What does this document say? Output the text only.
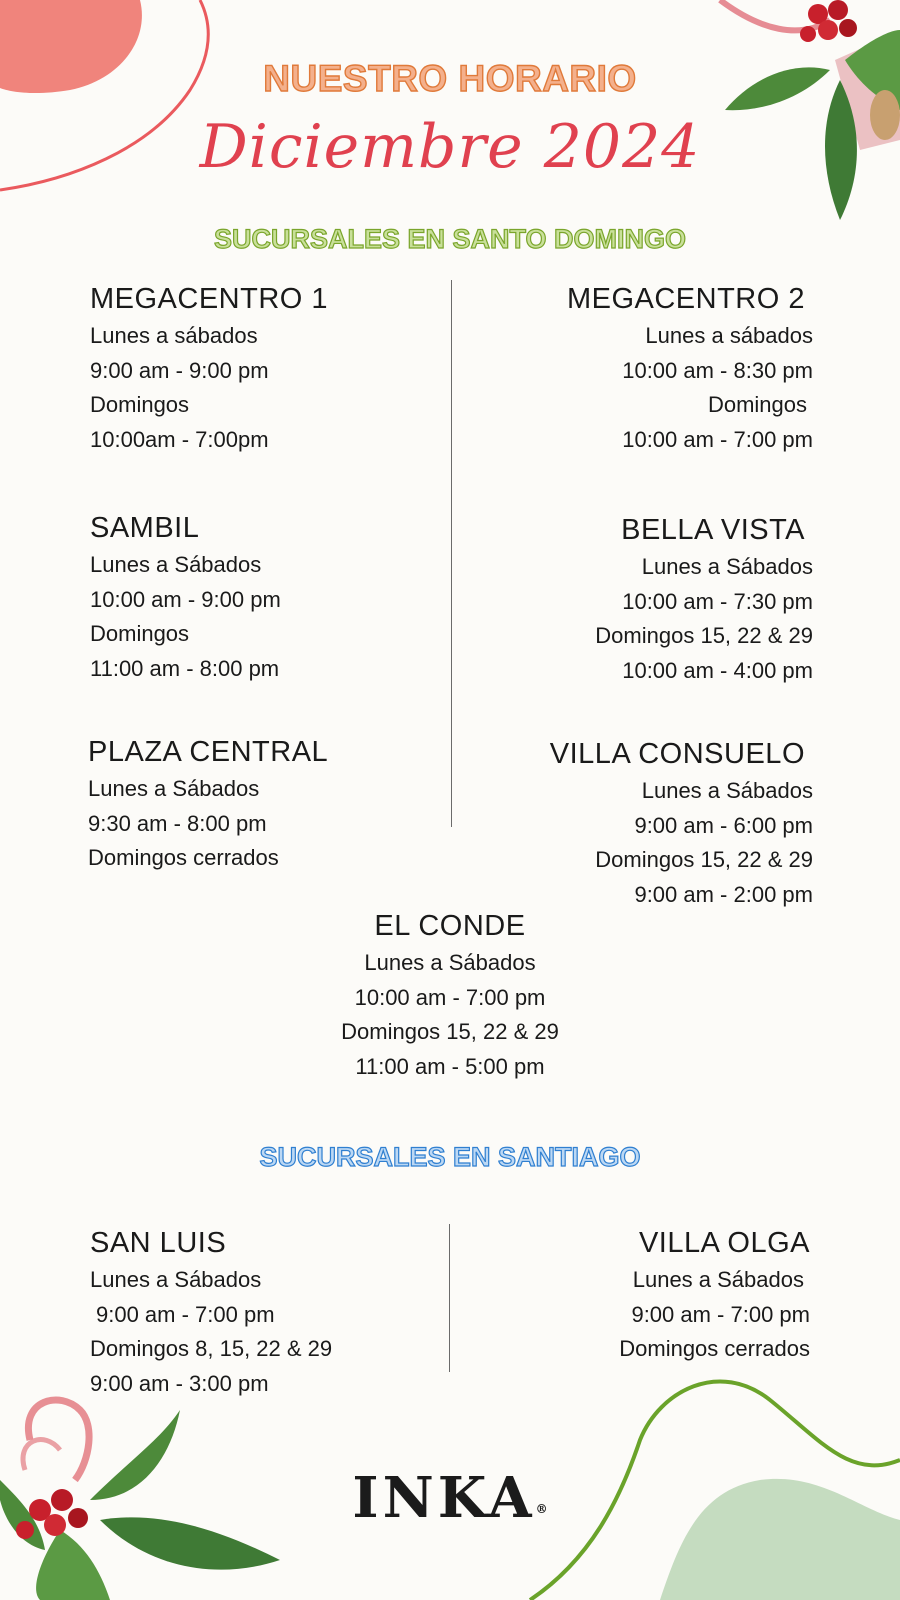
NUESTRO HORARIO
Diciembre 2024
SUCURSALES EN SANTO DOMINGO
MEGACENTRO 1
Lunes a sábados
9:00 am - 9:00 pm
Domingos
10:00am - 7:00pm
MEGACENTRO 2
Lunes a sábados
10:00 am - 8:30 pm
Domingos
10:00 am - 7:00 pm
SAMBIL
Lunes a Sábados
10:00 am - 9:00 pm
Domingos
11:00 am - 8:00 pm
BELLA VISTA
Lunes a Sábados
10:00 am - 7:30 pm
Domingos 15, 22 & 29
10:00 am - 4:00 pm
PLAZA CENTRAL
Lunes a Sábados
9:30 am - 8:00 pm
Domingos cerrados
VILLA CONSUELO
Lunes a Sábados
9:00 am - 6:00 pm
Domingos 15, 22 & 29
9:00 am - 2:00 pm
EL CONDE
Lunes a Sábados
10:00 am - 7:00 pm
Domingos 15, 22 & 29
11:00 am - 5:00 pm
SUCURSALES EN SANTIAGO
SAN LUIS
Lunes a Sábados
9:00 am - 7:00 pm
Domingos 8, 15, 22 & 29
9:00 am - 3:00 pm
VILLA OLGA
Lunes a Sábados
9:00 am - 7:00 pm
Domingos cerrados
INKA®
